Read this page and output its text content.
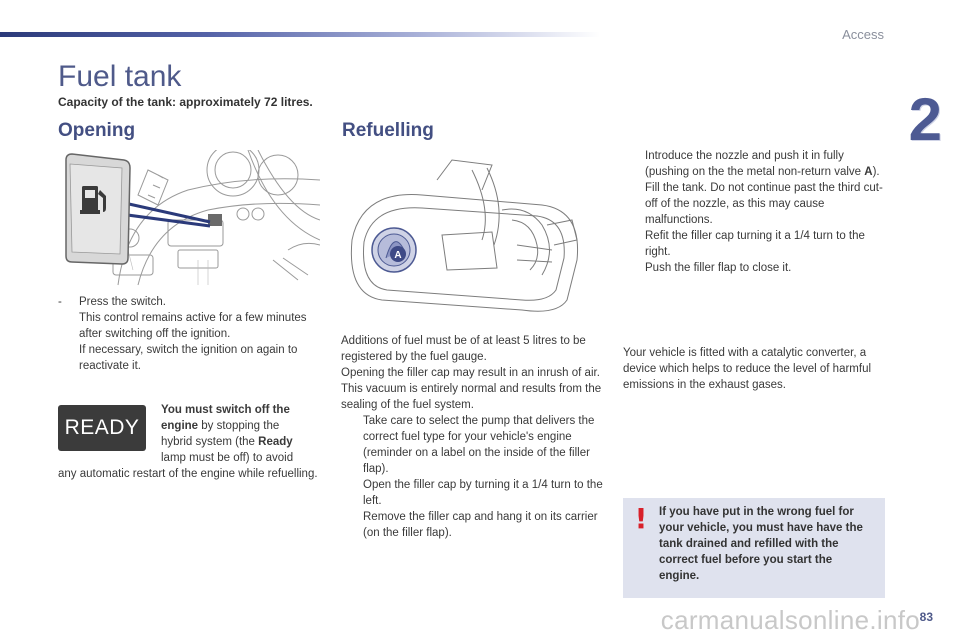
Access
2
Fuel tank
Capacity of the tank: approximately 72 litres.
Opening	Refuelling
A
- Press the switch.
This control remains active for a few minutes after switching off the ignition.
If necessary, switch the ignition on again to reactivate it.
READY
You must switch off the engine by stopping the hybrid system (the Ready lamp must be off) to avoid
any automatic restart of the engine while refuelling.
Additions of fuel must be of at least 5 litres to be registered by the fuel gauge.
Opening the filler cap may result in an inrush of air. This vacuum is entirely normal and results from the sealing of the fuel system.
Take care to select the pump that delivers the correct fuel type for your vehicle's engine (reminder on a label on the inside of the filler flap).
Open the filler cap by turning it a 1/4 turn to the left.
Remove the filler cap and hang it on its carrier (on the filler flap).
Introduce the nozzle and push it in fully (pushing on the the metal non-return valve A).
Fill the tank. Do not continue past the third cut-off of the nozzle, as this may cause malfunctions.
Refit the filler cap turning it a 1/4 turn to the right.
Push the filler flap to close it.
Your vehicle is fitted with a catalytic converter, a device which helps to reduce the level of harmful emissions in the exhaust gases.
!	If you have put in the wrong fuel for your vehicle, you must have have the tank drained and refilled with the correct fuel before you start the engine.
carmanualsonline.info 83
